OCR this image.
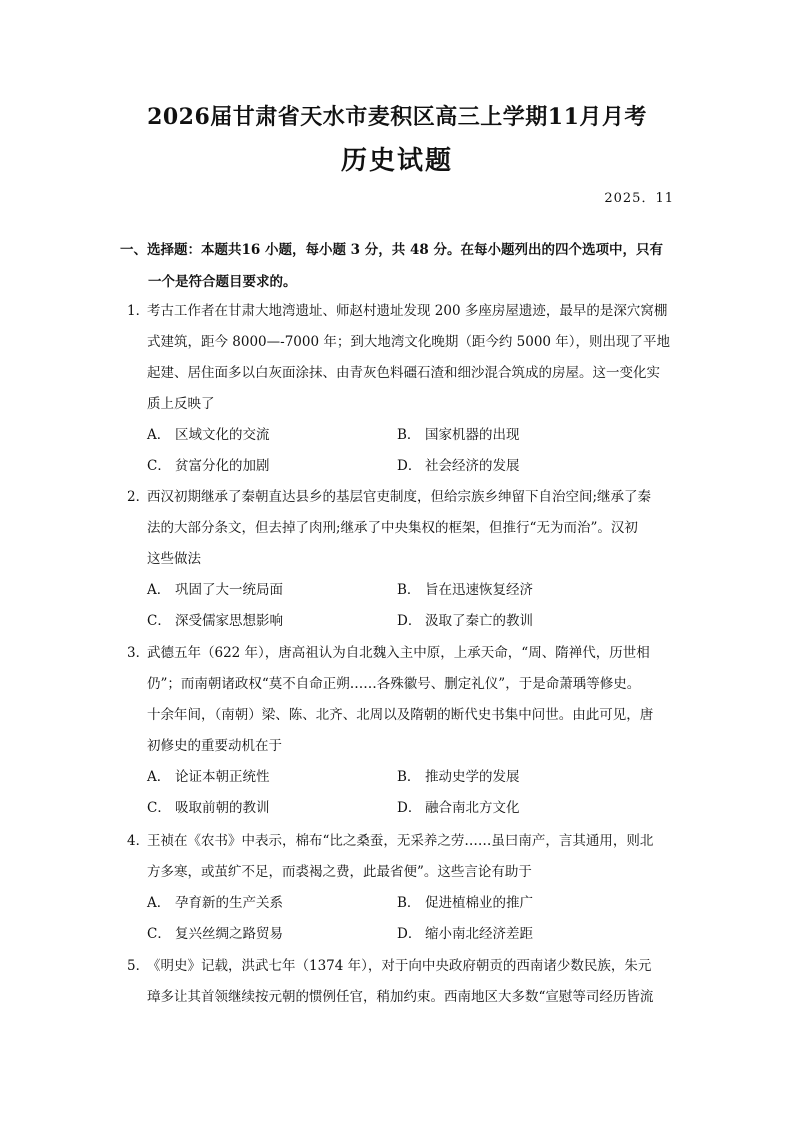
2026届甘肃省天水市麦积区高三上学期11月月考
历史试题
2025．11
一、选择题：本题共16 小题，每小题 3 分，共 48 分。在每小题列出的四个选项中，只有
一个是符合题目要求的。
1．考古工作者在甘肃大地湾遗址、师赵村遗址发现 200 多座房屋遗迹，最早的是深穴窝棚
式建筑，距今 8000—-7000 年；到大地湾文化晚期（距今约 5000 年），则出现了平地
起建、居住面多以白灰面涂抹、由青灰色料礓石渣和细沙混合筑成的房屋。这一变化实
质上反映了
A． 区域文化的交流	B． 国家机器的出现
C． 贫富分化的加剧	D． 社会经济的发展
2．西汉初期继承了秦朝直达县乡的基层官吏制度，但给宗族乡绅留下自治空间;继承了秦
法的大部分条文，但去掉了肉刑;继承了中央集权的框架，但推行“无为而治”。汉初
这些做法
A． 巩固了大一统局面	B． 旨在迅速恢复经济
C． 深受儒家思想影响	D． 汲取了秦亡的教训
3．武德五年（622 年），唐高祖认为自北魏入主中原，上承天命，“周、隋禅代，历世相
仍”；而南朝诸政权“莫不自命正朔……各殊徽号、删定礼仪”，于是命萧瑀等修史。
十余年间，（南朝）梁、陈、北齐、北周以及隋朝的断代史书集中问世。由此可见，唐
初修史的重要动机在于
A． 论证本朝正统性	B． 推动史学的发展
C． 吸取前朝的教训	D． 融合南北方文化
4．王祯在《农书》中表示，棉布“比之桑蚕，无采养之劳……虽曰南产，言其通用，则北
方多寒，或茧纩不足，而裘褐之费，此最省便”。这些言论有助于
A． 孕育新的生产关系	B． 促进植棉业的推广
C． 复兴丝绸之路贸易	D． 缩小南北经济差距
5．《明史》记载，洪武七年（1374 年），对于向中央政府朝贡的西南诸少数民族，朱元
璋多让其首领继续按元朝的惯例任官，稍加约束。西南地区大多数“宣慰等司经历皆流
